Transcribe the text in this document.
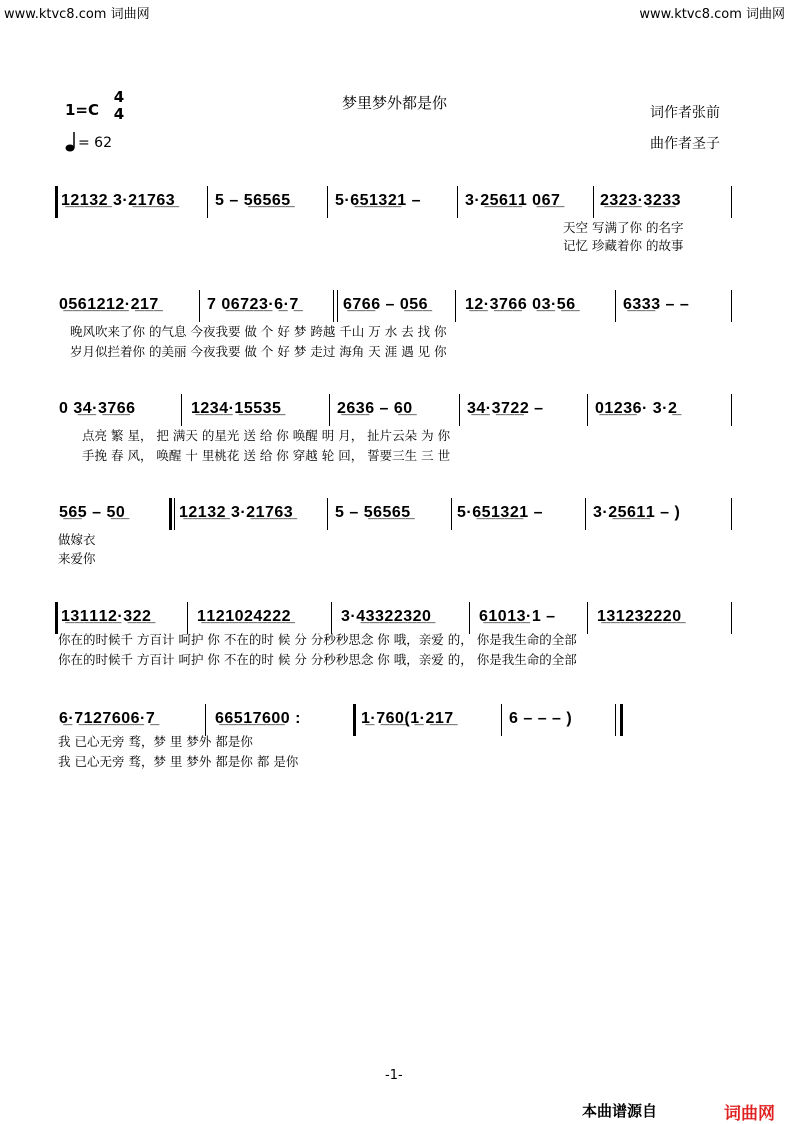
www.ktvc8.com 词曲网	www.ktvc8.com 词曲网
梦里梦外都是你
1=C
4
4
= 62
词作者张前
曲作者圣子
1̲2̲1̲3̲2̲ 3·2̲1̲7̲6̲3̲ 5 – 5̲6̲5̲6̲5̲	5·6̲5̲1̲3̲2̲1 –	3·2̲5̲6̲1̲1 0̲6̲7̲ 2̲3̲2̲3̲·3̲2̲3̲3
天空 写满了你 的名字
记忆 珍藏着你 的故事
0̲5̲6̲1̲2̲1̲2̲·2̲1̲7̲	7 0̲6̲7̲2̲3̲·6̲·7̲	6̲7̲6̲6 – 0̲5̲6̲ 1̲2̲·3̲7̲6̲6 0̲3̲·5̲6̲	6̲3̲3̲3 – –
晚风吹来了你 的气息 今夜我要 做 个 好 梦 跨越 千山 万 水 去 找 你
岁月似拦着你 的美丽 今夜我要 做 个 好 梦 走过 海角 天 涯 遇 见 你
0 3̲4̲·3̲7̲6̲6	1̲2̲3̲4̲·1̲5̲5̲3̲5̲	2̲6̲3̲6 – 6̲0̲	3̲4̲·3̲7̲2̲2 –	0̲1̲2̲3̲6· 3·2̲
点亮 繁 星， 把 满天 的星光 送 给 你 唤醒 明 月， 扯片云朵 为 你
手挽 春 风， 唤醒 十 里桃花 送 给 你 穿越 轮 回， 誓要三生 三 世
5̲6̲5 – 5̲0̲	1̲2̲1̲3̲2̲ 3·2̲1̲7̲6̲3̲	5 – 5̲6̲5̲6̲5̲	5·6̲5̲1̲3̲2̲1 –	3·2̲5̲6̲1̲1 – )
做嫁衣
来爱你
1̲3̲1̲1̲1̲2̲·3̲2̲2̲	1̲1̲2̲1̲0̲2̲4̲2̲2̲2̲	3·4̲3̲3̲2̲2̲3̲2̲0̲	6̲1̲0̲1̲3̲·1 –	1̲3̲1̲2̲3̲2̲2̲2̲0̲
你在的时候千 方百计 呵护 你 不在的时 候 分 分秒秒思念 你 哦，亲爱 的， 你是我生命的全部
你在的时候千 方百计 呵护 你 不在的时 候 分 分秒秒思念 你 哦，亲爱 的， 你是我生命的全部
6̲·7̲1̲2̲7̲6̲0̲6̲·7̲	6̲6̲5̲1̲7̲6̲0̲0 :	1̲·7̲6̲0̲(1̲·2̲1̲7̲	6 – – – )
我 已心无旁 骛，梦 里 梦外 都是你
我 已心无旁 骛，梦 里 梦外 都是你 都 是你
-1-
本曲谱源自	词曲网
